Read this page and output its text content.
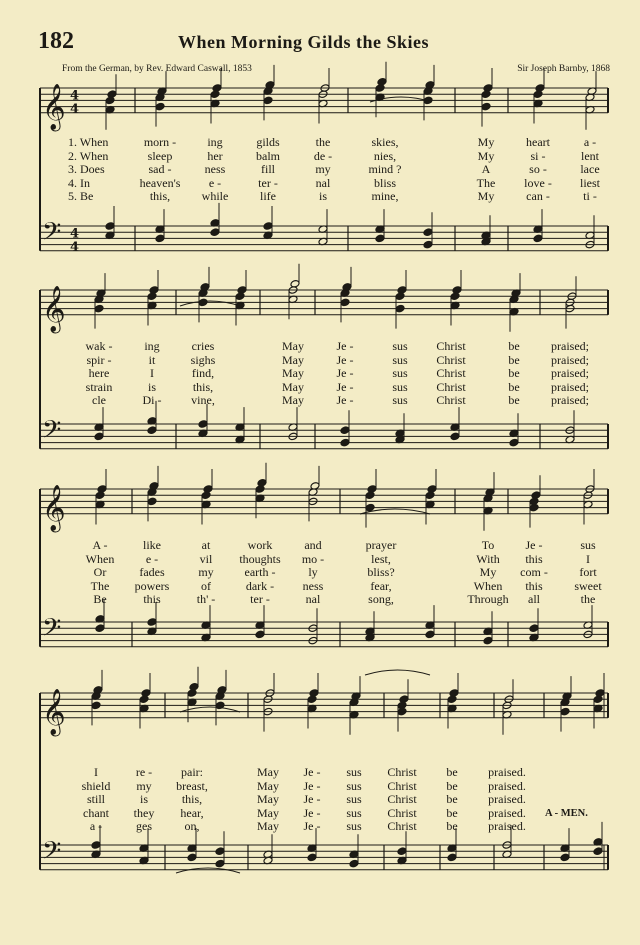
182	When Morning Gilds the Skies
From the German, by Rev. Edward Caswall, 1853	Sir Joseph Barnby, 1868
𝄞 4
4
𝄢 4
4
𝄞
𝄢
𝄞
𝄢
𝄞
𝄢
1. When
2. When
3. Does
4. In
5. Be
morn -
sleep
sad -
heaven's
this,
ing
her
ness
e -
while
gilds
balm
fill
ter -
life
the
de -
my
nal
is
skies,
nies,
mind ?
bliss
mine,
My
My
A
The
My
heart
si -
so -
love -
can -
a -
lent
lace
liest
ti -
wak -
spir -
here
strain
cle
ing
it
I
is
Di -
cries
sighs
find,
this,
vine,
May
May
May
May
May
Je -
Je -
Je -
Je -
Je -
sus
sus
sus
sus
sus
Christ
Christ
Christ
Christ
Christ
be
be
be
be
be
praised;
praised;
praised;
praised;
praised;
A -
When
Or
The
Be
like
e -
fades
powers
this
at
vil
my
of
th' -
work
thoughts
earth -
dark -
ter -
and
mo -
ly
ness
nal
prayer
lest,
bliss?
fear,
song,
To
With
My
When
Through
Je -
this
com -
this
all
sus
I
fort
sweet
the
I
shield
still
chant
a -
re -
my
is
they
ges
pair:
breast,
this,
hear,
on,
May
May
May
May
May
Je -
Je -
Je -
Je -
Je -
sus
sus
sus
sus
sus
Christ
Christ
Christ
Christ
Christ
be
be
be
be
be
praised.
praised.
praised.
praised.
praised.
A - MEN.
